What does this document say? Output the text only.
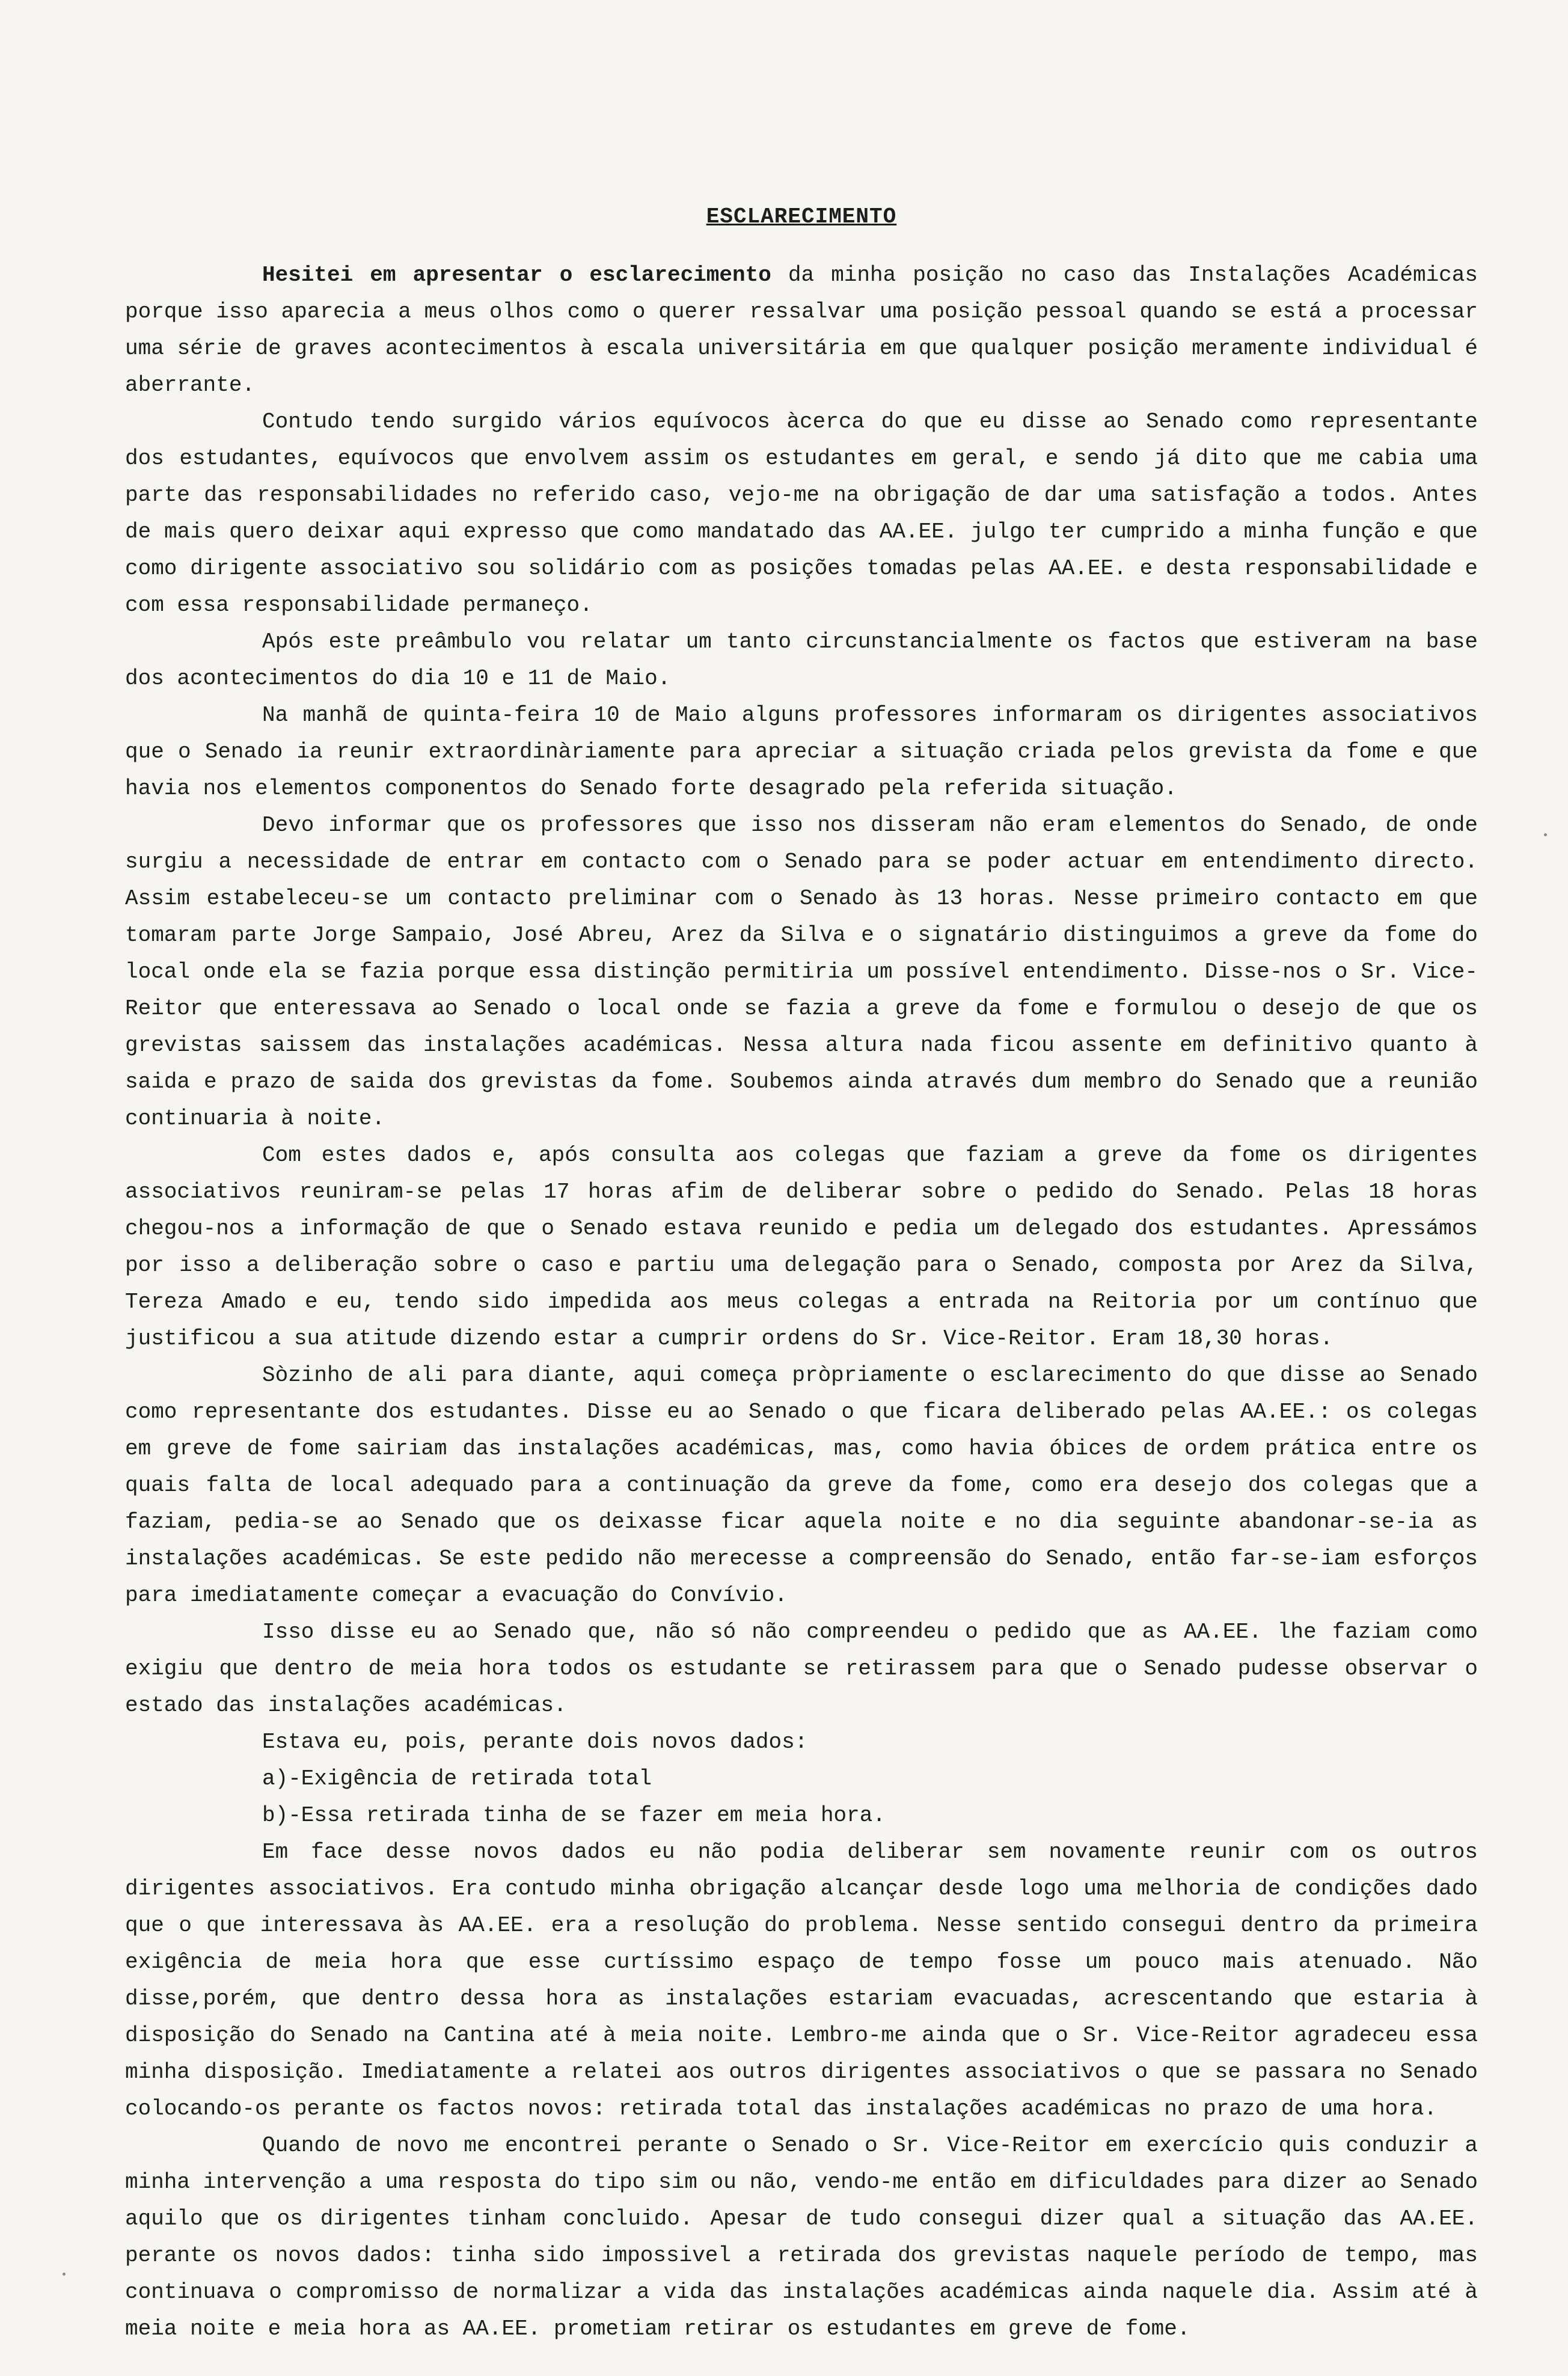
ESCLARECIMENTO

Hesitei em apresentar o esclarecimento da minha posição no caso das Instalações Académicas porque isso aparecia a meus olhos como o querer ressalvar uma posição pessoal quando se está a processar uma série de graves acontecimentos à escala universitária em que qualquer posição meramente individual é aberrante.

Contudo tendo surgido vários equívocos àcerca do que eu disse ao Senado como representante dos estudantes, equívocos que envolvem assim os estudantes em geral, e sendo já dito que me cabia uma parte das responsabilidades no referido caso, vejo-me na obrigação de dar uma satisfação a todos. Antes de mais quero deixar aqui expresso que como mandatado das AA.EE. julgo ter cumprido a minha função e que como dirigente associativo sou solidário com as posições tomadas pelas AA.EE. e desta responsabilidade e com essa responsabilidade permaneço.

Após este preâmbulo vou relatar um tanto circunstancialmente os factos que estiveram na base dos acontecimentos do dia 10 e 11 de Maio.

Na manhã de quinta-feira 10 de Maio alguns professores informaram os dirigentes associativos que o Senado ia reunir extraordinàriamente para apreciar a situação criada pelos grevista da fome e que havia nos elementos componentos do Senado forte desagrado pela referida situação.

Devo informar que os professores que isso nos disseram não eram elementos do Senado, de onde surgiu a necessidade de entrar em contacto com o Senado para se poder actuar em entendimento directo. Assim estabeleceu-se um contacto preliminar com o Senado às 13 horas. Nesse primeiro contacto em que tomaram parte Jorge Sampaio, José Abreu, Arez da Silva e o signatário distinguimos a greve da fome do local onde ela se fazia porque essa distinção permitiria um possível entendimento. Disse-nos o Sr. Vice-Reitor que enteressava ao Senado o local onde se fazia a greve da fome e formulou o desejo de que os grevistas saissem das instalações académicas. Nessa altura nada ficou assente em definitivo quanto à saida e prazo de saida dos grevistas da fome. Soubemos ainda através dum membro do Senado que a reunião continuaria à noite.

Com estes dados e, após consulta aos colegas que faziam a greve da fome os dirigentes associativos reuniram-se pelas 17 horas afim de deliberar sobre o pedido do Senado. Pelas 18 horas chegou-nos a informação de que o Senado estava reunido e pedia um delegado dos estudantes. Apressámos por isso a deliberação sobre o caso e partiu uma delegação para o Senado, composta por Arez da Silva, Tereza Amado e eu, tendo sido impedida aos meus colegas a entrada na Reitoria por um contínuo que justificou a sua atitude dizendo estar a cumprir ordens do Sr. Vice-Reitor. Eram 18,30 horas.

Sòzinho de ali para diante, aqui começa pròpriamente o esclarecimento do que disse ao Senado como representante dos estudantes. Disse eu ao Senado o que ficara deliberado pelas AA.EE.: os colegas em greve de fome sairiam das instalações académicas, mas, como havia óbices de ordem prática entre os quais falta de local adequado para a continuação da greve da fome, como era desejo dos colegas que a faziam, pedia-se ao Senado que os deixasse ficar aquela noite e no dia seguinte abandonar-se-ia as instalações académicas. Se este pedido não merecesse a compreensão do Senado, então far-se-iam esforços para imediatamente começar a evacuação do Convívio.

Isso disse eu ao Senado que, não só não compreendeu o pedido que as AA.EE. lhe faziam como exigiu que dentro de meia hora todos os estudante se retirassem para que o Senado pudesse observar o estado das instalações académicas.

Estava eu, pois, perante dois novos dados:

a)-Exigência de retirada total

b)-Essa retirada tinha de se fazer em meia hora.

Em face desse novos dados eu não podia deliberar sem novamente reunir com os outros dirigentes associativos. Era contudo minha obrigação alcançar desde logo uma melhoria de condições dado que o que interessava às AA.EE. era a resolução do problema. Nesse sentido consegui dentro da primeira exigência de meia hora que esse curtíssimo espaço de tempo fosse um pouco mais atenuado. Não disse,porém, que dentro dessa hora as instalações estariam evacuadas, acrescentando que estaria à disposição do Senado na Cantina até à meia noite. Lembro-me ainda que o Sr. Vice-Reitor agradeceu essa minha disposição. Imediatamente a relatei aos outros dirigentes associativos o que se passara no Senado colocando-os perante os factos novos: retirada total das instalações académicas no prazo de uma hora.

Quando de novo me encontrei perante o Senado o Sr. Vice-Reitor em exercício quis conduzir a minha intervenção a uma resposta do tipo sim ou não, vendo-me então em dificuldades para dizer ao Senado aquilo que os dirigentes tinham concluido. Apesar de tudo consegui dizer qual a situação das AA.EE. perante os novos dados: tinha sido impossivel a retirada dos grevistas naquele período de tempo, mas continuava o compromisso de normalizar a vida das instalações académicas ainda naquele dia. Assim até à meia noite e meia hora as AA.EE. prometiam retirar os estudantes em greve de fome.
